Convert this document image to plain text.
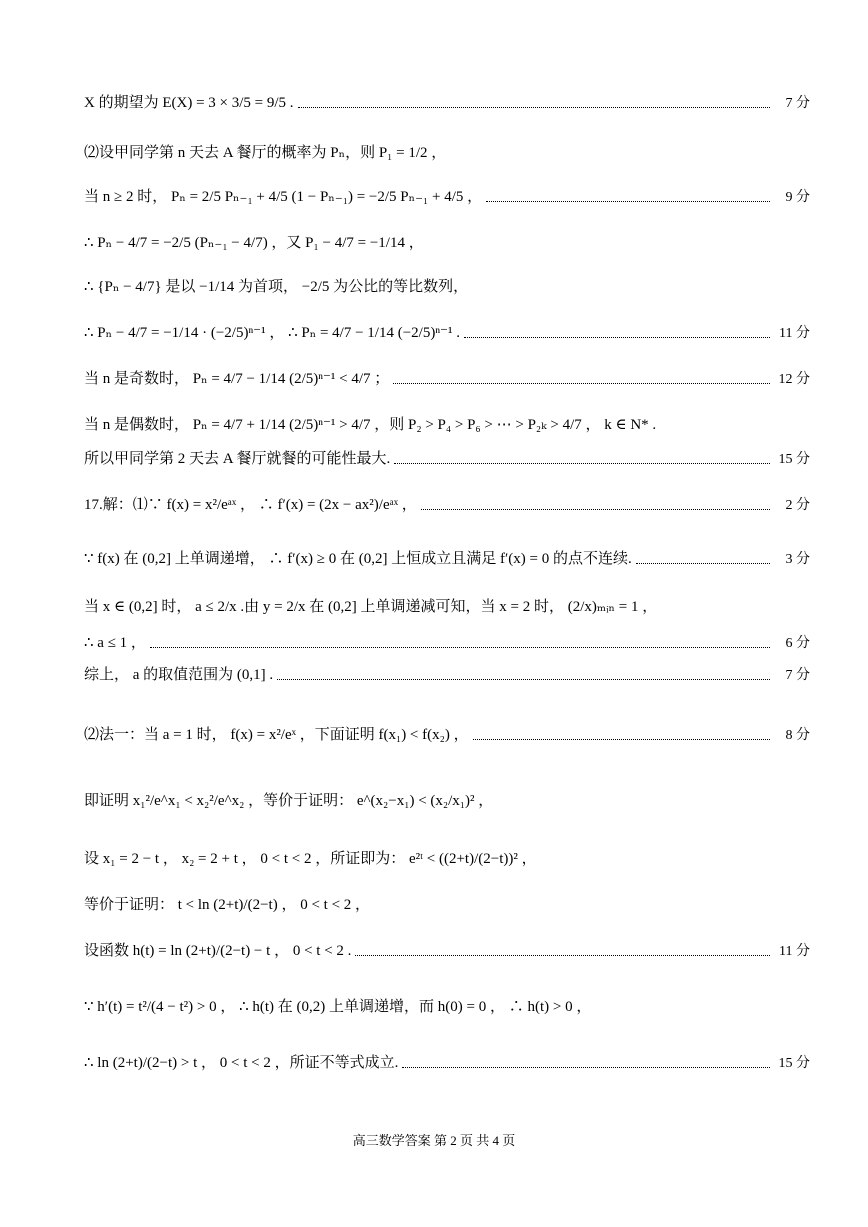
X 的期望为 E(X) = 3 × 3/5 = 9/5 .	7 分
⑵设甲同学第 n 天去 A 餐厅的概率为 Pₙ，则 P₁ = 1/2 ，
当 n ≥ 2 时， Pₙ = 2/5 Pₙ₋₁ + 4/5 (1 − Pₙ₋₁) = −2/5 Pₙ₋₁ + 4/5 ，	9 分
∴ Pₙ − 4/7 = −2/5 (Pₙ₋₁ − 4/7) ，又 P₁ − 4/7 = −1/14 ，
∴ {Pₙ − 4/7} 是以 −1/14 为首项， −2/5 为公比的等比数列，
∴ Pₙ − 4/7 = −1/14 · (−2/5)ⁿ⁻¹ ， ∴ Pₙ = 4/7 − 1/14 (−2/5)ⁿ⁻¹ .	11 分
当 n 是奇数时， Pₙ = 4/7 − 1/14 (2/5)ⁿ⁻¹ < 4/7 ；	12 分
当 n 是偶数时， Pₙ = 4/7 + 1/14 (2/5)ⁿ⁻¹ > 4/7 ，则 P₂ > P₄ > P₆ > ⋯ > P₂ₖ > 4/7 ， k ∈ N* .
所以甲同学第 2 天去 A 餐厅就餐的可能性最大.	15 分
17.解：⑴∵ f(x) = x²/eᵃˣ ， ∴ f′(x) = (2x − ax²)/eᵃˣ ，	2 分
∵ f(x) 在 (0,2] 上单调递增， ∴ f′(x) ≥ 0 在 (0,2] 上恒成立且满足 f′(x) = 0 的点不连续.	3 分
当 x ∈ (0,2] 时， a ≤ 2/x .由 y = 2/x 在 (0,2] 上单调递减可知，当 x = 2 时， (2/x)ₘᵢₙ = 1 ，
∴ a ≤ 1 ，	6 分
综上， a 的取值范围为 (0,1] .	7 分
⑵法一：当 a = 1 时， f(x) = x²/eˣ ，下面证明 f(x₁) < f(x₂) ，	8 分
即证明 x₁²/e^x₁ < x₂²/e^x₂ ，等价于证明： e^(x₂−x₁) < (x₂/x₁)² ，
设 x₁ = 2 − t ， x₂ = 2 + t ， 0 < t < 2 ，所证即为： e²ᵗ < ((2+t)/(2−t))² ，
等价于证明： t < ln (2+t)/(2−t) ， 0 < t < 2 ，
设函数 h(t) = ln (2+t)/(2−t) − t ， 0 < t < 2 .	11 分
∵ h′(t) = t²/(4 − t²) > 0 ， ∴ h(t) 在 (0,2) 上单调递增，而 h(0) = 0 ， ∴ h(t) > 0 ，
∴ ln (2+t)/(2−t) > t ， 0 < t < 2 ，所证不等式成立.	15 分
高三数学答案 第 2 页 共 4 页
